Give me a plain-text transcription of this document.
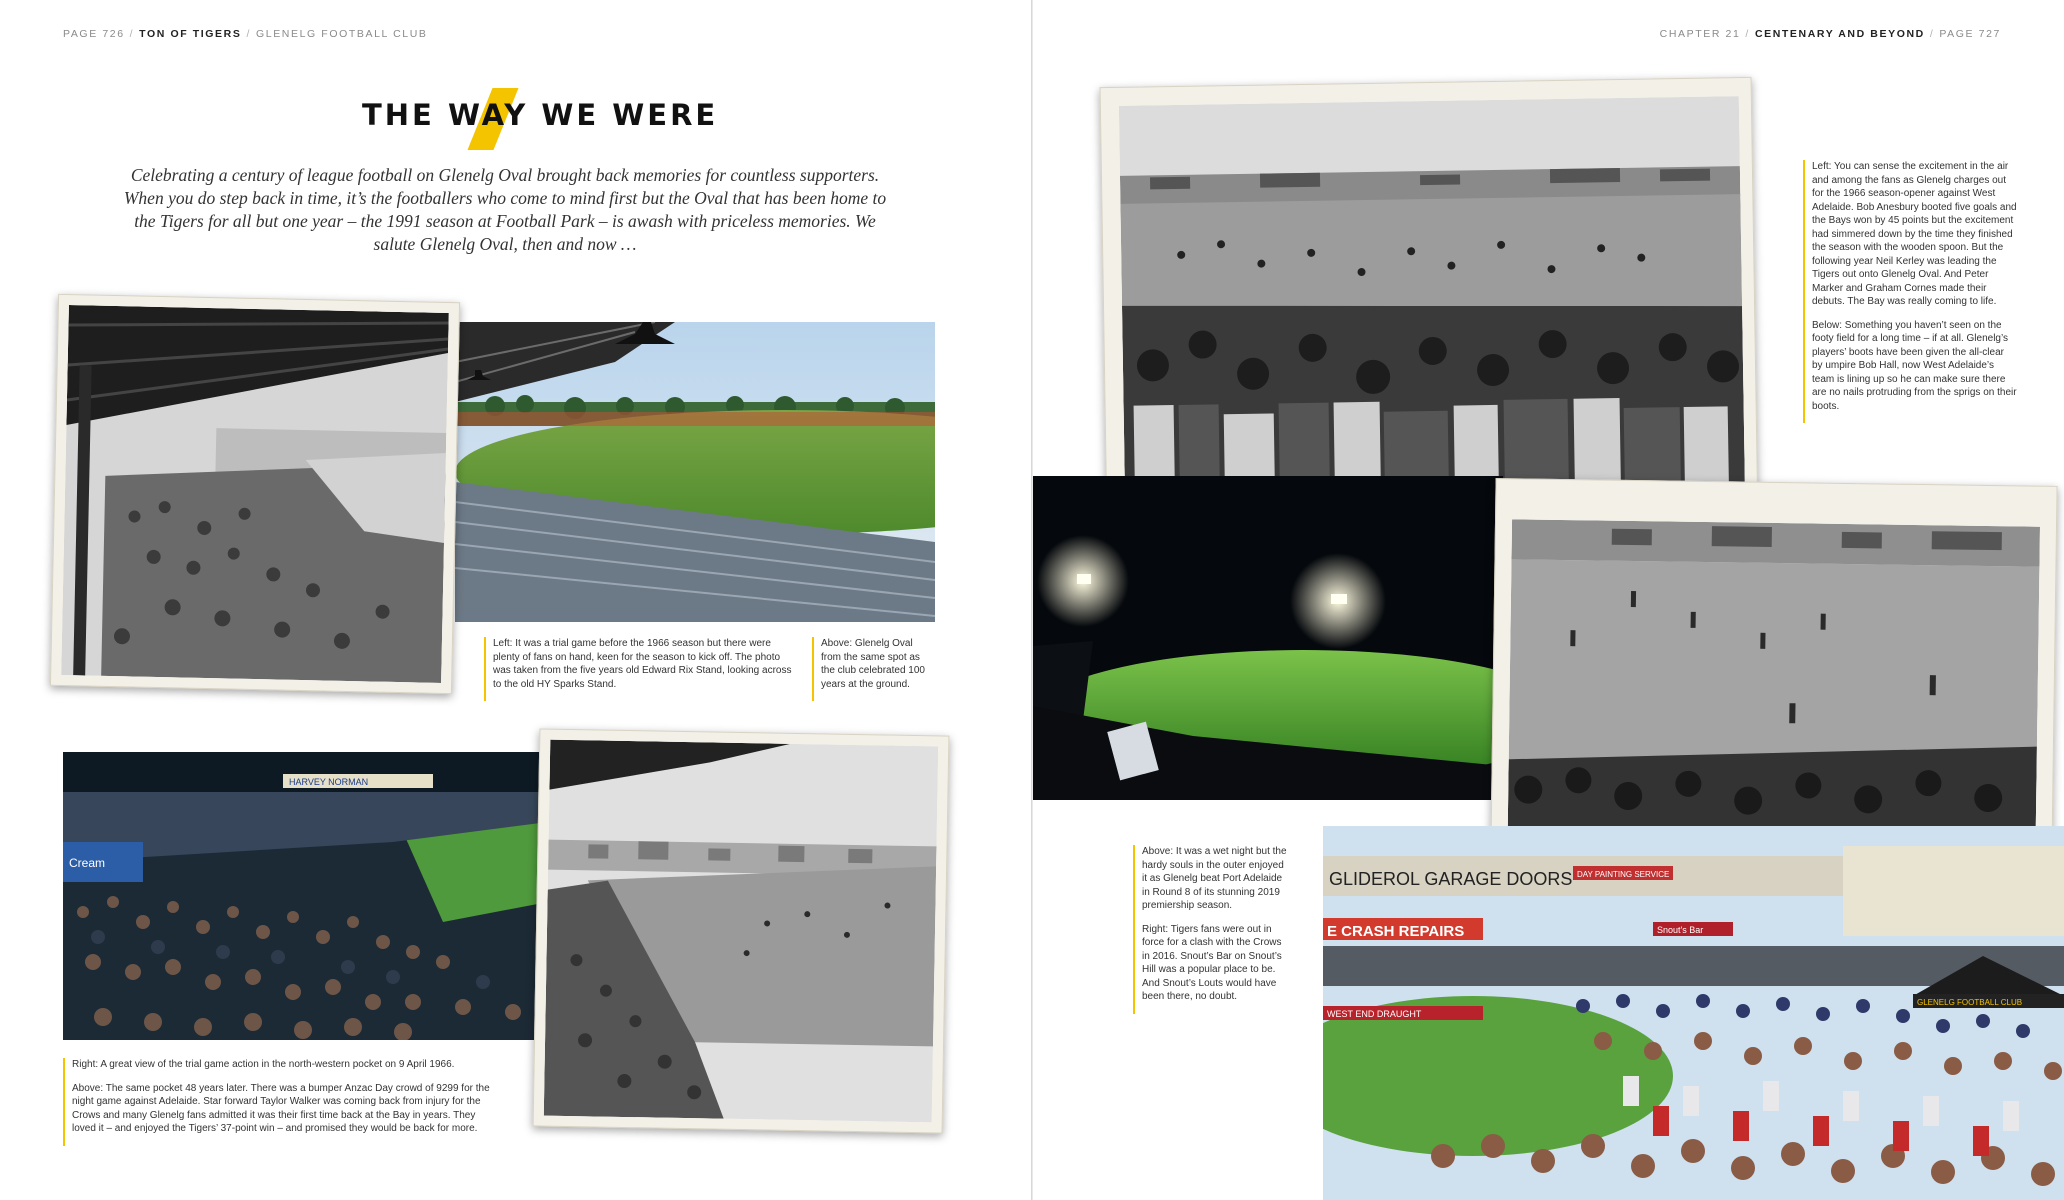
PAGE 726 / TON OF TIGERS / GLENELG FOOTBALL CLUB
THE WAY WE WERE
Celebrating a century of league football on Glenelg Oval brought back memories for countless supporters. When you do step back in time, it’s the footballers who come to mind first but the Oval that has been home to the Tigers for all but one year – the 1991 season at Football Park – is awash with priceless memories. We salute Glenelg Oval, then and now …

Left: It was a trial game before the 1966 season but there were plenty of fans on hand, keen for the season to kick off. The photo was taken from the five years old Edward Rix Stand, looking across to the old HY Sparks Stand.

Above: Glenelg Oval from the same spot as the club celebrated 100 years at the ground.

HARVEY NORMAN
Cream

Right: A great view of the trial game action in the north-western pocket on 9 April 1966.

Above: The same pocket 48 years later. There was a bumper Anzac Day crowd of 9299 for the night game against Adelaide. Star forward Taylor Walker was coming back from injury for the Crows and many Glenelg fans admitted it was their first time back at the Bay in years. They loved it – and enjoyed the Tigers’ 37-point win – and promised they would be back for more.

CHAPTER 21 / CENTENARY AND BEYOND / PAGE 727

Left: You can sense the excitement in the air and among the fans as Glenelg charges out for the 1966 season-opener against West Adelaide. Bob Anesbury booted five goals and the Bays won by 45 points but the excitement had simmered down by the time they finished the season with the wooden spoon. But the following year Neil Kerley was leading the Tigers out onto Glenelg Oval. And Peter Marker and Graham Cornes made their debuts. The Bay was really coming to life.

Below: Something you haven’t seen on the footy field for a long time – if at all. Glenelg’s players’ boots have been given the all-clear by umpire Bob Hall, now West Adelaide’s team is lining up so he can make sure there are no nails protruding from the sprigs on their boots.

Above: It was a wet night but the hardy souls in the outer enjoyed it as Glenelg beat Port Adelaide in Round 8 of its stunning 2019 premiership season.

Right: Tigers fans were out in force for a clash with the Crows in 2016. Snout’s Bar on Snout’s Hill was a popular place to be. And Snout’s Louts would have been there, no doubt.

GLIDEROL GARAGE DOORS DAY PAINTING SERVICE
E CRASH REPAIRS	Snout's Bar
WEST END DRAUGHT
GLENELG FOOTBALL CLUB
